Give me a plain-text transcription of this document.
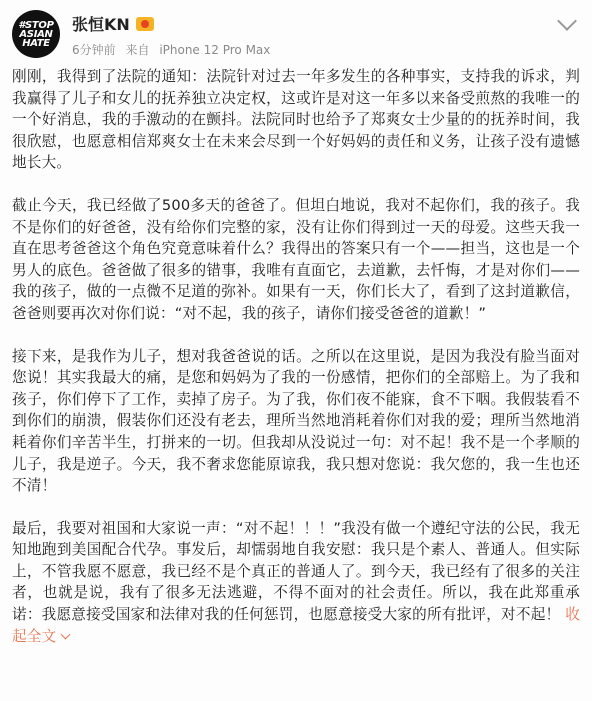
#STOP
ASIAN
HATE
张恒KN
6分钟前 来自 iPhone 12 Pro Max

刚刚，我得到了法院的通知：法院针对过去一年多发生的各种事实，支持我的诉求，判我赢得了儿子和女儿的抚养独立决定权，这或许是对这一年多以来备受煎熬的我唯一的一个好消息，我的手激动的在颤抖。法院同时也给予了郑爽女士少量的的抚养时间，我很欣慰，也愿意相信郑爽女士在未来会尽到一个好妈妈的责任和义务，让孩子没有遗憾地长大。

截止今天，我已经做了500多天的爸爸了。但坦白地说，我对不起你们，我的孩子。我不是你们的好爸爸，没有给你们完整的家，没有让你们得到过一天的母爱。这些天我一直在思考爸爸这个角色究竟意味着什么？我得出的答案只有一个——担当，这也是一个男人的底色。爸爸做了很多的错事，我唯有直面它，去道歉，去忏悔，才是对你们——我的孩子，做的一点微不足道的弥补。如果有一天，你们长大了，看到了这封道歉信，爸爸则要再次对你们说：“对不起，我的孩子，请你们接受爸爸的道歉！”

接下来，是我作为儿子，想对我爸爸说的话。之所以在这里说，是因为我没有脸当面对您说！其实我最大的痛，是您和妈妈为了我的一份感情，把你们的全部赔上。为了我和孩子，你们停下了工作，卖掉了房子。为了我，你们夜不能寐，食不下咽。我假装看不到你们的崩溃，假装你们还没有老去，理所当然地消耗着你们对我的爱；理所当然地消耗着你们辛苦半生，打拼来的一切。但我却从没说过一句：对不起！我不是一个孝顺的儿子，我是逆子。今天，我不奢求您能原谅我，我只想对您说：我欠您的，我一生也还不清！

最后，我要对祖国和大家说一声：“对不起！！！”我没有做一个遵纪守法的公民，我无知地跑到美国配合代孕。事发后，却懦弱地自我安慰：我只是个素人、普通人。但实际上，不管我愿不愿意，我已经不是个真正的普通人了。到今天，我已经有了很多的关注者，也就是说，我有了很多无法逃避，不得不面对的社会责任。所以，我在此郑重承诺：我愿意接受国家和法律对我的任何惩罚，也愿意接受大家的所有批评，对不起！ 收起全文
